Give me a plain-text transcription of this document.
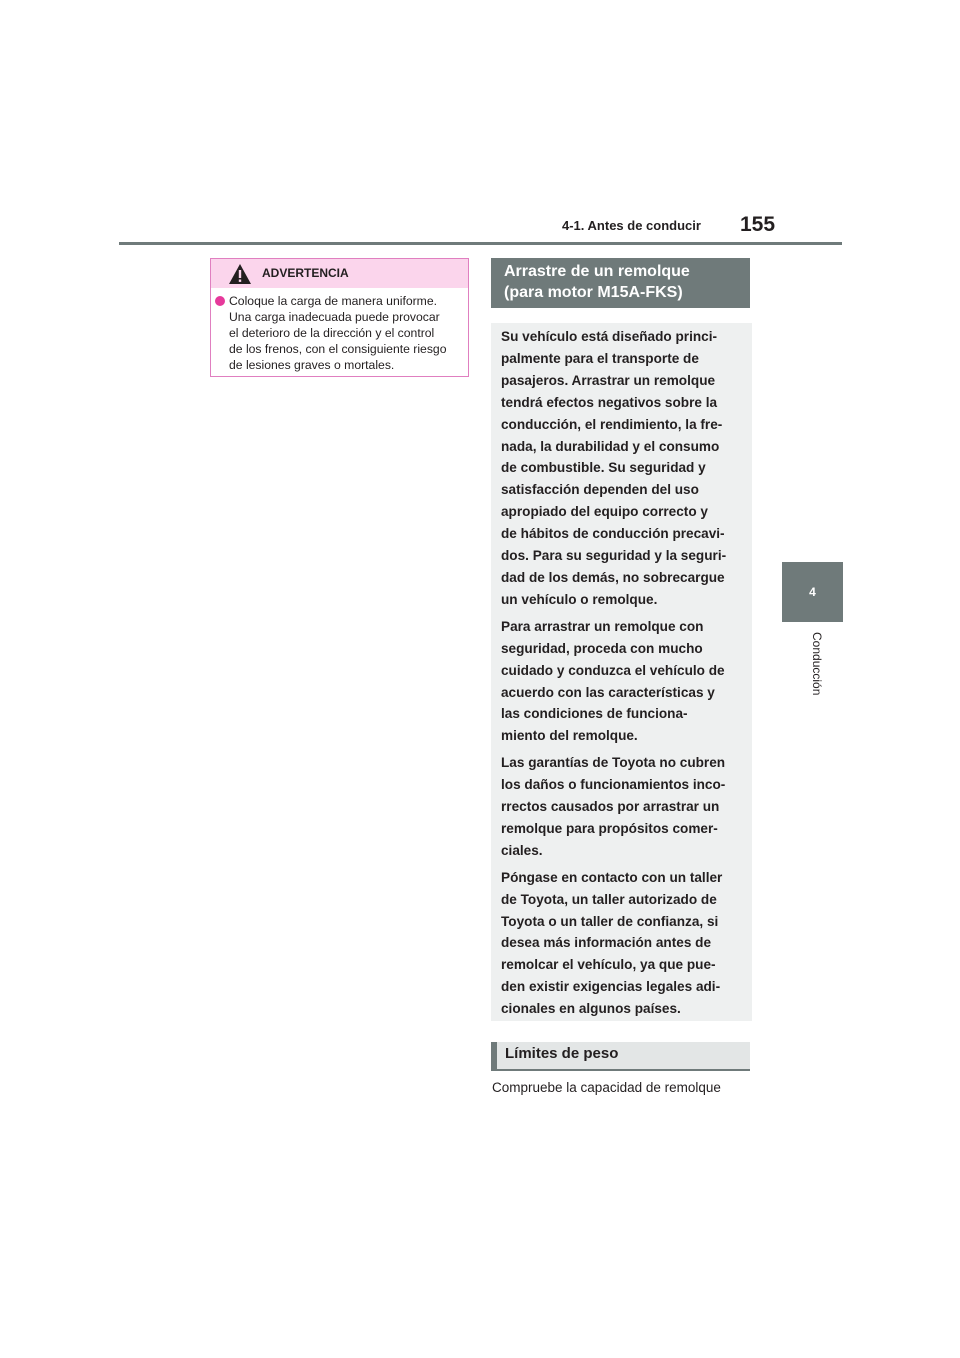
4-1. Antes de conducir 155
4
Conducción
ADVERTENCIA
Coloque la carga de manera uniforme.
Una carga inadecuada puede provocar
el deterioro de la dirección y el control
de los frenos, con el consiguiente riesgo
de lesiones graves o mortales.
Arrastre de un remolque
(para motor M15A-FKS)
Su vehículo está diseñado princi-
palmente para el transporte de
pasajeros. Arrastrar un remolque
tendrá efectos negativos sobre la
conducción, el rendimiento, la fre-
nada, la durabilidad y el consumo
de combustible. Su seguridad y
satisfacción dependen del uso
apropiado del equipo correcto y
de hábitos de conducción precavi-
dos. Para su seguridad y la seguri-
dad de los demás, no sobrecargue
un vehículo o remolque.
Para arrastrar un remolque con
seguridad, proceda con mucho
cuidado y conduzca el vehículo de
acuerdo con las características y
las condiciones de funciona-
miento del remolque.
Las garantías de Toyota no cubren
los daños o funcionamientos inco-
rrectos causados por arrastrar un
remolque para propósitos comer-
ciales.
Póngase en contacto con un taller
de Toyota, un taller autorizado de
Toyota o un taller de confianza, si
desea más información antes de
remolcar el vehículo, ya que pue-
den existir exigencias legales adi-
cionales en algunos países.
Límites de peso
Compruebe la capacidad de remolque
